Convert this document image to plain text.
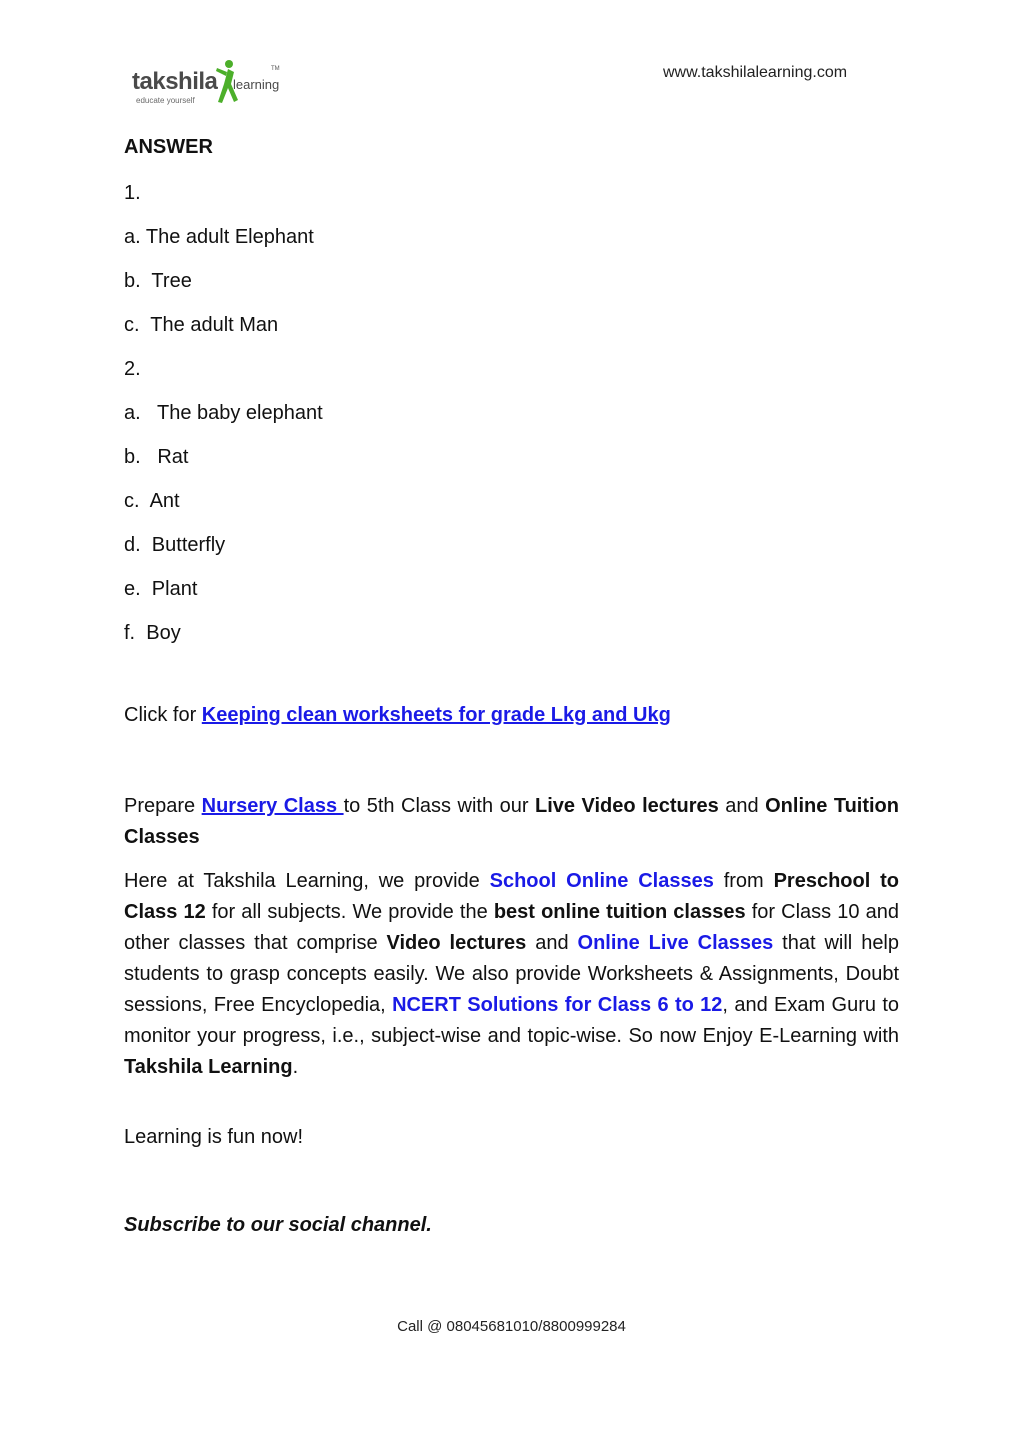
takshila learning
TM
educate yourself
www.takshilalearning.com
ANSWER
1.
a. The adult Elephant
b.  Tree
c.  The adult Man
2.
a.   The baby elephant
b.   Rat
c.  Ant
d.  Butterfly
e.  Plant
f.  Boy
Click for Keeping clean worksheets for grade Lkg and Ukg

Prepare Nursery Class to 5th Class with our Live Video lectures and Online Tuition Classes

Here at Takshila Learning, we provide School Online Classes from Preschool to Class 12 for all subjects. We provide the best online tuition classes for Class 10 and other classes that comprise Video lectures and Online Live Classes that will help students to grasp concepts easily. We also provide Worksheets & Assignments, Doubt sessions, Free Encyclopedia, NCERT Solutions for Class 6 to 12, and Exam Guru to monitor your progress, i.e., subject-wise and topic-wise. So now Enjoy E-Learning with Takshila Learning.

Learning is fun now!
Subscribe to our social channel.
Call @ 08045681010/8800999284
